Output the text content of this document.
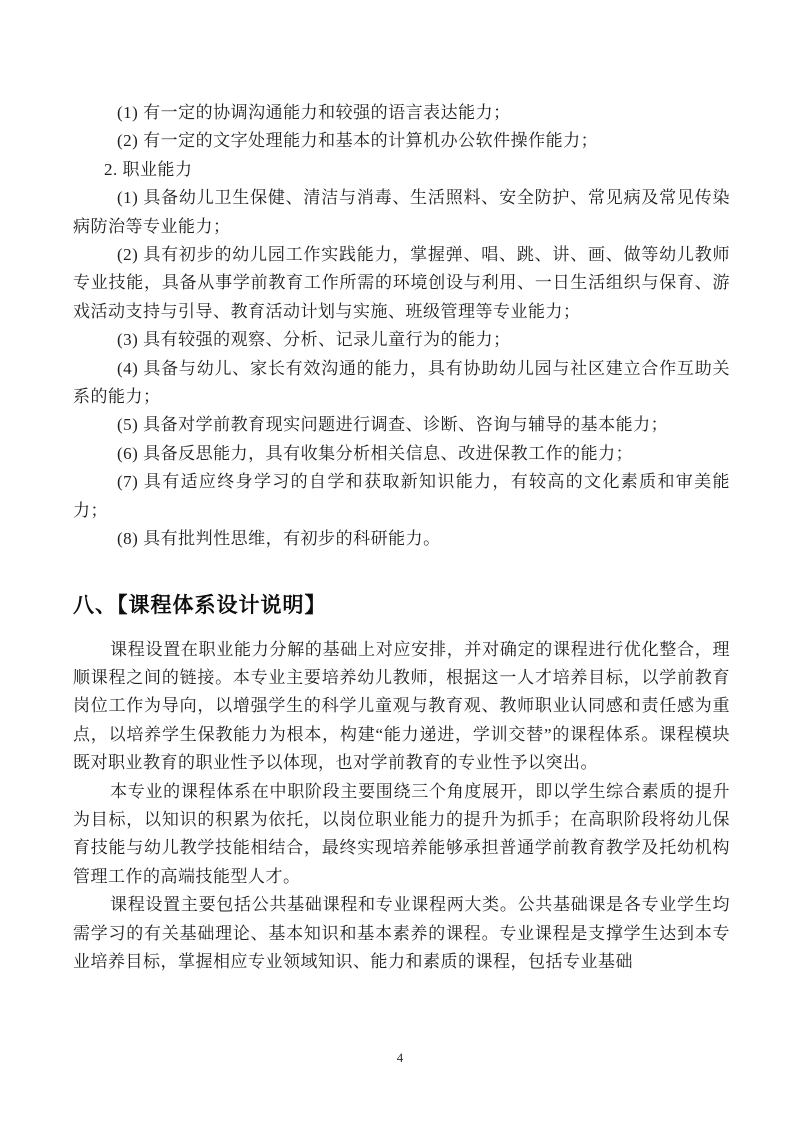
(1) 有一定的协调沟通能力和较强的语言表达能力；

(2) 有一定的文字处理能力和基本的计算机办公软件操作能力；

2. 职业能力

(1) 具备幼儿卫生保健、清洁与消毒、生活照料、安全防护、常见病及常见传染病防治等专业能力；

(2) 具有初步的幼儿园工作实践能力，掌握弹、唱、跳、讲、画、做等幼儿教师专业技能，具备从事学前教育工作所需的环境创设与利用、一日生活组织与保育、游戏活动支持与引导、教育活动计划与实施、班级管理等专业能力；

(3) 具有较强的观察、分析、记录儿童行为的能力；

(4) 具备与幼儿、家长有效沟通的能力，具有协助幼儿园与社区建立合作互助关系的能力；

(5) 具备对学前教育现实问题进行调查、诊断、咨询与辅导的基本能力；

(6) 具备反思能力，具有收集分析相关信息、改进保教工作的能力；

(7) 具有适应终身学习的自学和获取新知识能力，有较高的文化素质和审美能力；

(8) 具有批判性思维，有初步的科研能力。

八、【课程体系设计说明】

课程设置在职业能力分解的基础上对应安排，并对确定的课程进行优化整合，理顺课程之间的链接。本专业主要培养幼儿教师，根据这一人才培养目标，以学前教育岗位工作为导向，以增强学生的科学儿童观与教育观、教师职业认同感和责任感为重点，以培养学生保教能力为根本，构建“能力递进，学训交替”的课程体系。课程模块既对职业教育的职业性予以体现，也对学前教育的专业性予以突出。

本专业的课程体系在中职阶段主要围绕三个角度展开，即以学生综合素质的提升为目标，以知识的积累为依托，以岗位职业能力的提升为抓手；在高职阶段将幼儿保育技能与幼儿教学技能相结合，最终实现培养能够承担普通学前教育教学及托幼机构管理工作的高端技能型人才。

课程设置主要包括公共基础课程和专业课程两大类。公共基础课是各专业学生均需学习的有关基础理论、基本知识和基本素养的课程。专业课程是支撑学生达到本专业培养目标，掌握相应专业领域知识、能力和素质的课程，包括专业基础

4
